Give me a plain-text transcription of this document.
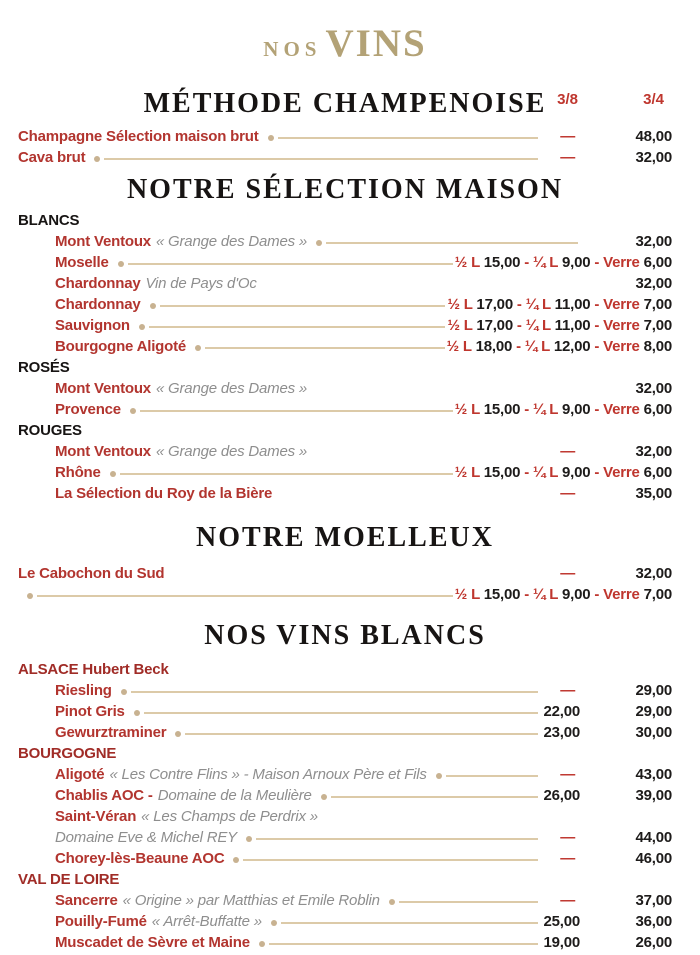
NOS VINS
MÉTHODE CHAMPENOISE 3/8	3/4
Champagne Sélection maison brut	—	48,00
Cava brut	—	32,00
NOTRE SÉLECTION MAISON
BLANCS
Mont Ventoux « Grange des Dames »	32,00
Moselle	½ L 15,00 - ¼ L 9,00 - Verre 6,00
Chardonnay Vin de Pays d'Oc	32,00
Chardonnay	½ L 17,00 - ¼ L 11,00 - Verre 7,00
Sauvignon	½ L 17,00 - ¼ L 11,00 - Verre 7,00
Bourgogne Aligoté	½ L 18,00 - ¼ L 12,00 - Verre 8,00
ROSÉS
Mont Ventoux « Grange des Dames »	32,00
Provence	½ L 15,00 - ¼ L 9,00 - Verre 6,00
ROUGES
Mont Ventoux « Grange des Dames »	—	32,00
Rhône	½ L 15,00 - ¼ L 9,00 - Verre 6,00
La Sélection du Roy de la Bière	—	35,00
NOTRE MOELLEUX
Le Cabochon du Sud	—	32,00
½ L 15,00 - ¼ L 9,00 - Verre 7,00
NOS VINS BLANCS
ALSACE Hubert Beck
Riesling	—	29,00
Pinot Gris	22,00	29,00
Gewurztraminer	23,00	30,00
BOURGOGNE
Aligoté « Les Contre Flins » - Maison Arnoux Père et Fils	—	43,00
Chablis AOC - Domaine de la Meulière	26,00	39,00
Saint-Véran « Les Champs de Perdrix »
Domaine Eve & Michel REY	—	44,00
Chorey-lès-Beaune AOC	—	46,00
VAL DE LOIRE
Sancerre « Origine » par Matthias et Emile Roblin	—	37,00
Pouilly-Fumé « Arrêt-Buffatte »	25,00	36,00
Muscadet de Sèvre et Maine	19,00	26,00
